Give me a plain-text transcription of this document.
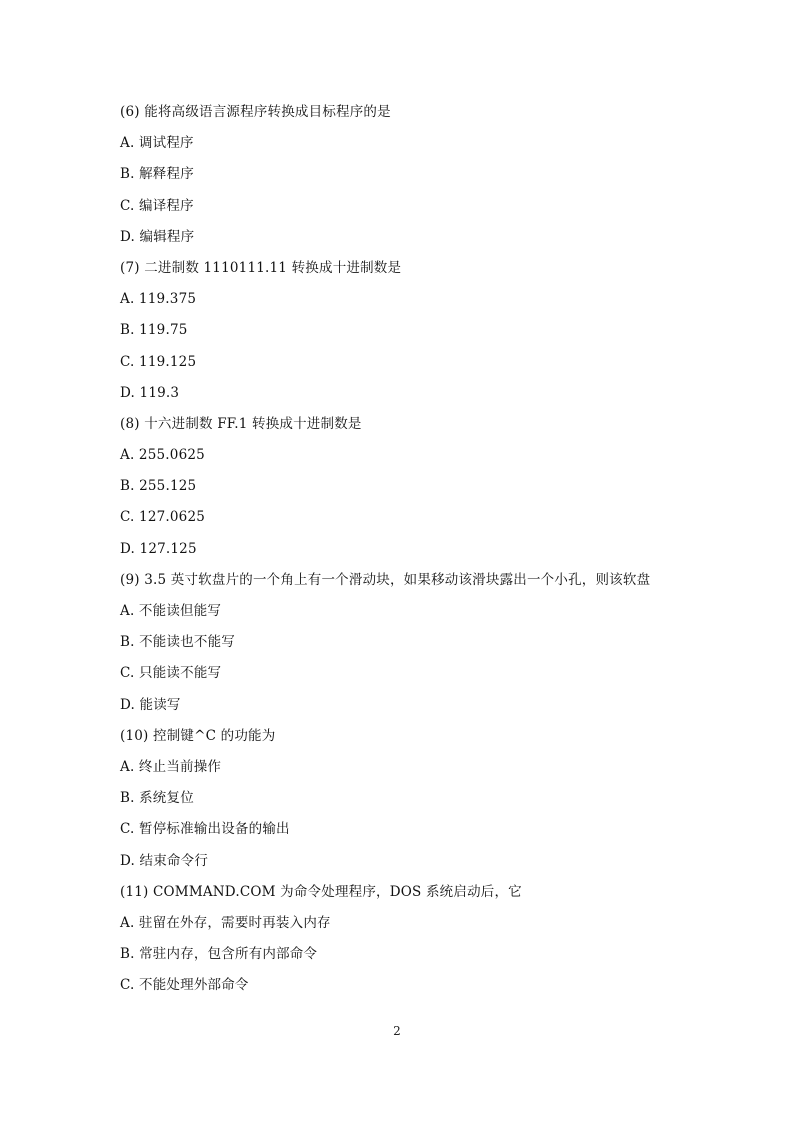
(6) 能将高级语言源程序转换成目标程序的是
A. 调试程序
B. 解释程序
C. 编译程序
D. 编辑程序
(7) 二进制数 1110111.11 转换成十进制数是
A. 119.375
B. 119.75
C. 119.125
D. 119.3
(8) 十六进制数 FF.1 转换成十进制数是
A. 255.0625
B. 255.125
C. 127.0625
D. 127.125
(9) 3.5 英寸软盘片的一个角上有一个滑动块，如果移动该滑块露出一个小孔，则该软盘
A. 不能读但能写
B. 不能读也不能写
C. 只能读不能写
D. 能读写
(10) 控制键^C 的功能为
A. 终止当前操作
B. 系统复位
C. 暂停标准输出设备的输出
D. 结束命令行
(11) COMMAND.COM 为命令处理程序，DOS 系统启动后，它
A. 驻留在外存，需要时再装入内存
B. 常驻内存，包含所有内部命令
C. 不能处理外部命令
2
